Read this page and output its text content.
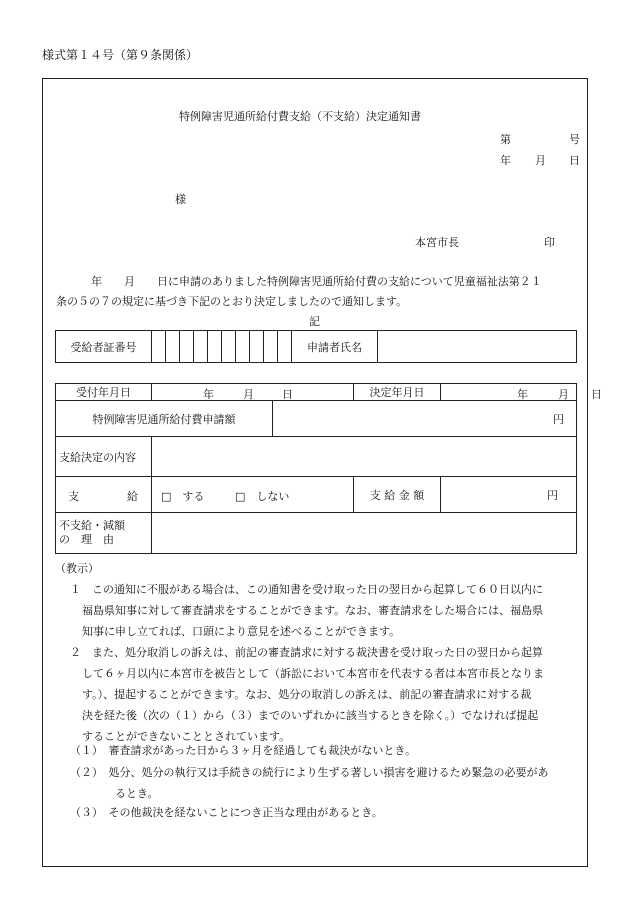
様式第１４号（第９条関係）
特例障害児通所給付費支給（不支給）決定通知書
第	号
年 月 日
様
本宮市長	印
年　　月　　日に申請のありました特例障害児通所給付費の支給について児童福祉法第２１
条の５の７の規定に基づき下記のとおり決定しましたので通知します。
記
受給者証番号											申請者氏名	
受付年月日	年 月 日		決定年月日	年 月 日

特例障害児通所給付費申請額		円		
支給決定の内容				

支 給	□　する □　しない		支 給 金 額	円

不支給・減額
の　理　由				

（教示）
１　この通知に不服がある場合は、この通知書を受け取った日の翌日から起算して６０日以内に
福島県知事に対して審査請求をすることができます。なお、審査請求をした場合には、福島県
知事に申し立てれば、口頭により意見を述べることができます。
２　また、処分取消しの訴えは、前記の審査請求に対する裁決書を受け取った日の翌日から起算
して６ヶ月以内に本宮市を被告として（訴訟において本宮市を代表する者は本宮市長となりま
す。）、提起することができます。なお、処分の取消しの訴えは、前記の審査請求に対する裁
決を経た後（次の（１）から（３）までのいずれかに該当するときを除く。）でなければ提起
することができないこととされています。
（１）　審査請求があった日から３ヶ月を経過しても裁決がないとき。
（２）　処分、処分の執行又は手続きの続行により生ずる著しい損害を避けるため緊急の必要があ
るとき。
（３）　その他裁決を経ないことにつき正当な理由があるとき。
